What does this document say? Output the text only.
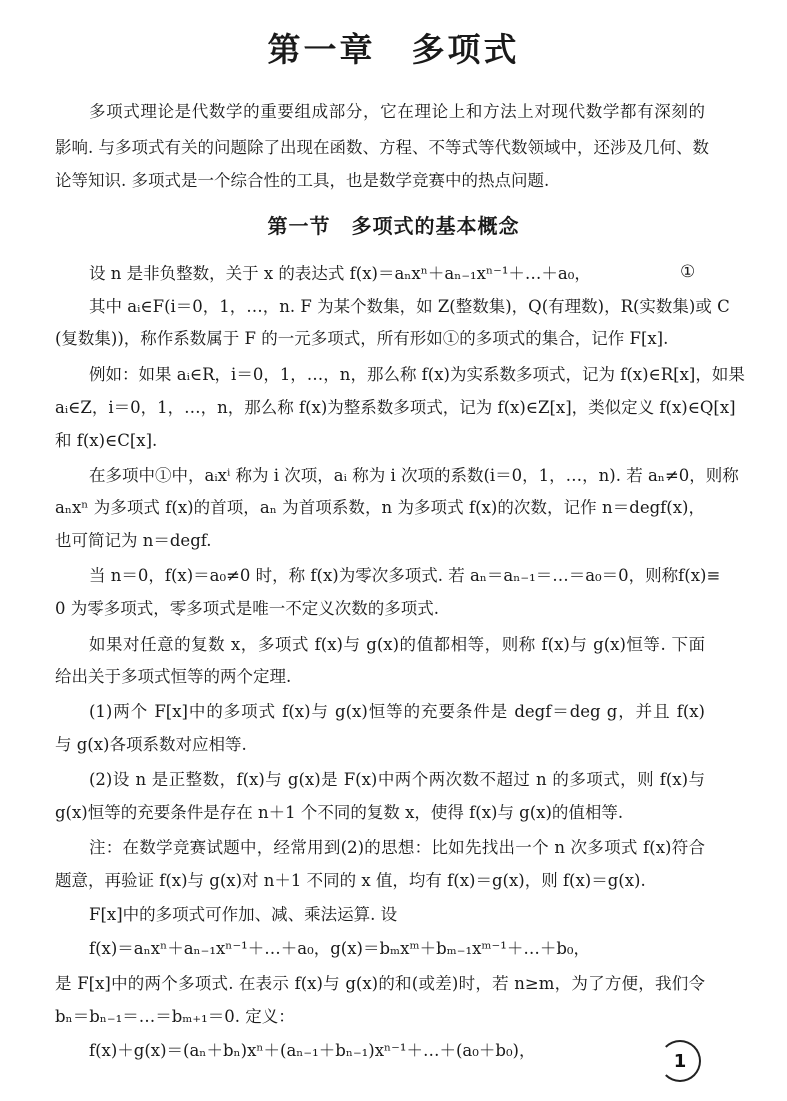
第一章　多项式
多项式理论是代数学的重要组成部分，它在理论上和方法上对现代数学都有深刻的
影响. 与多项式有关的问题除了出现在函数、方程、不等式等代数领域中，还涉及几何、数
论等知识. 多项式是一个综合性的工具，也是数学竞赛中的热点问题.
第一节　多项式的基本概念
设 n 是非负整数，关于 x 的表达式 f(x)＝aₙxⁿ＋aₙ₋₁xⁿ⁻¹＋…＋a₀，	①
其中 aᵢ∈F(i＝0，1，…，n. F 为某个数集，如 Z(整数集)，Q(有理数)，R(实数集)或 C
(复数集))，称作系数属于 F 的一元多项式，所有形如①的多项式的集合，记作 F[x].
例如：如果 aᵢ∈R，i＝0，1，…，n，那么称 f(x)为实系数多项式，记为 f(x)∈R[x]，如果
aᵢ∈Z，i＝0，1，…，n，那么称 f(x)为整系数多项式，记为 f(x)∈Z[x]，类似定义 f(x)∈Q[x]
和 f(x)∈C[x].
在多项中①中，aᵢxⁱ 称为 i 次项，aᵢ 称为 i 次项的系数(i＝0，1，…，n). 若 aₙ≠0，则称
aₙxⁿ 为多项式 f(x)的首项，aₙ 为首项系数，n 为多项式 f(x)的次数，记作 n＝degf(x)，
也可简记为 n＝degf.
当 n＝0，f(x)＝a₀≠0 时，称 f(x)为零次多项式. 若 aₙ＝aₙ₋₁＝…＝a₀＝0，则称f(x)≡
0 为零多项式，零多项式是唯一不定义次数的多项式.
如果对任意的复数 x，多项式 f(x)与 g(x)的值都相等，则称 f(x)与 g(x)恒等. 下面
给出关于多项式恒等的两个定理.
(1)两个 F[x]中的多项式 f(x)与 g(x)恒等的充要条件是 degf＝deg g，并且 f(x)
与 g(x)各项系数对应相等.
(2)设 n 是正整数，f(x)与 g(x)是 F(x)中两个两次数不超过 n 的多项式，则 f(x)与
g(x)恒等的充要条件是存在 n＋1 个不同的复数 x，使得 f(x)与 g(x)的值相等.
注：在数学竞赛试题中，经常用到(2)的思想：比如先找出一个 n 次多项式 f(x)符合
题意，再验证 f(x)与 g(x)对 n＋1 不同的 x 值，均有 f(x)＝g(x)，则 f(x)＝g(x).
F[x]中的多项式可作加、减、乘法运算. 设
f(x)＝aₙxⁿ＋aₙ₋₁xⁿ⁻¹＋…＋a₀，g(x)＝bₘxᵐ＋bₘ₋₁xᵐ⁻¹＋…＋b₀，
是 F[x]中的两个多项式. 在表示 f(x)与 g(x)的和(或差)时，若 n≥m，为了方便，我们令
bₙ＝bₙ₋₁＝…＝bₘ₊₁＝0. 定义：
f(x)＋g(x)＝(aₙ＋bₙ)xⁿ＋(aₙ₋₁＋bₙ₋₁)xⁿ⁻¹＋…＋(a₀＋b₀)，
1
